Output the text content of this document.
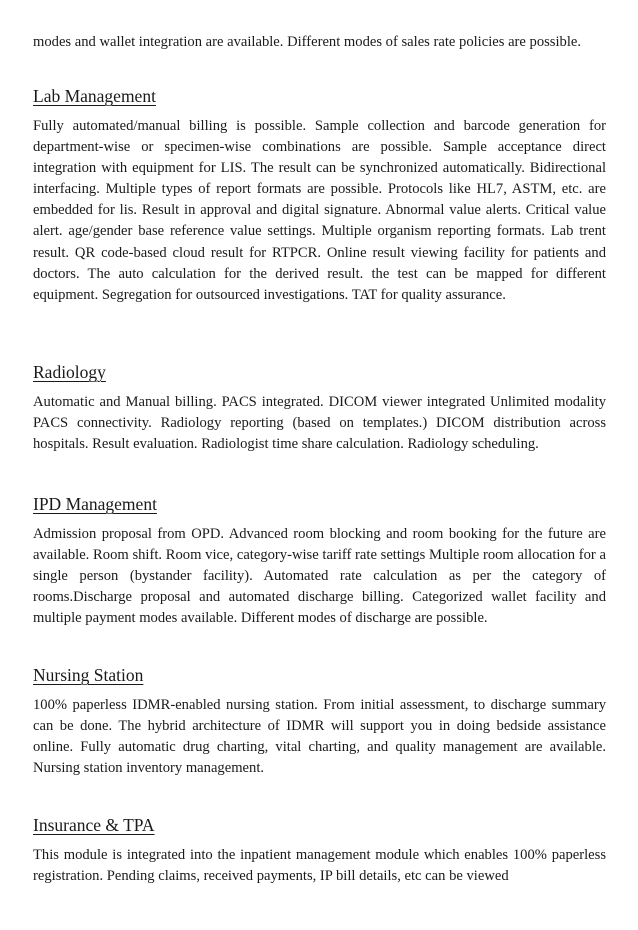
modes and wallet integration are available. Different modes of sales rate policies are possible.

Lab Management

Fully automated/manual billing is possible. Sample collection and barcode generation for department-wise or specimen-wise combinations are possible. Sample acceptance direct integration with equipment for LIS. The result can be synchronized automatically. Bidirectional interfacing. Multiple types of report formats are possible. Protocols like HL7, ASTM, etc. are embedded for lis. Result in approval and digital signature. Abnormal value alerts. Critical value alert. age/gender base reference value settings. Multiple organism reporting formats. Lab trent result. QR code-based cloud result for RTPCR. Online result viewing facility for patients and doctors. The auto calculation for the derived result. the test can be mapped for different equipment. Segregation for outsourced investigations. TAT for quality assurance.

Radiology

Automatic and Manual billing. PACS integrated. DICOM viewer integrated Unlimited modality PACS connectivity. Radiology reporting (based on templates.) DICOM distribution across hospitals. Result evaluation. Radiologist time share calculation. Radiology scheduling.

IPD Management

Admission proposal from OPD. Advanced room blocking and room booking for the future are available. Room shift. Room vice, category-wise tariff rate settings Multiple room allocation for a single person (bystander facility). Automated rate calculation as per the category of rooms.Discharge proposal and automated discharge billing. Categorized wallet facility and multiple payment modes available. Different modes of discharge are possible.

Nursing Station

100% paperless IDMR-enabled nursing station. From initial assessment, to discharge summary can be done. The hybrid architecture of IDMR will support you in doing bedside assistance online. Fully automatic drug charting, vital charting, and quality management are available. Nursing station inventory management.

Insurance & TPA

This module is integrated into the inpatient management module which enables 100% paperless registration. Pending claims, received payments, IP bill details, etc can be viewed
